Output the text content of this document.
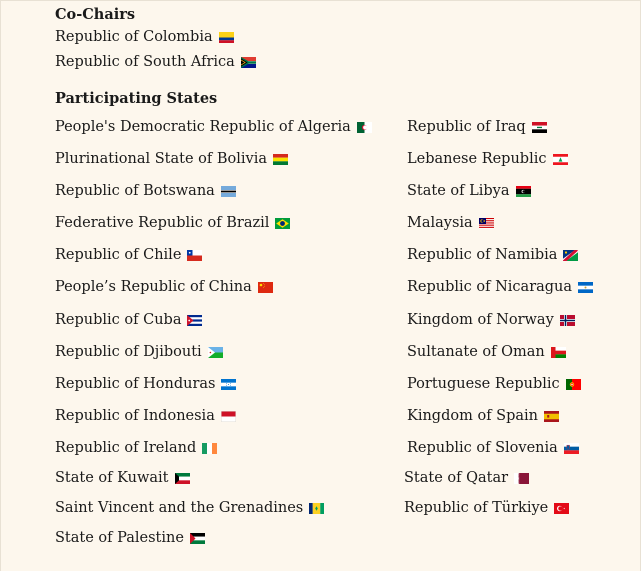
Co-Chairs
Republic of Colombia
Republic of South Africa
Participating States
People's Democratic Republic of Algeria
Plurinational State of Bolivia
Republic of Botswana
Federative Republic of Brazil
Republic of Chile
People’s Republic of China
Republic of Cuba
Republic of Djibouti
Republic of Honduras
Republic of Indonesia
Republic of Ireland
State of Kuwait
Saint Vincent and the Grenadines
State of Palestine
Republic of Iraq
Lebanese Republic
State of Libya
Malaysia
Republic of Namibia
Republic of Nicaragua
Kingdom of Norway
Sultanate of Oman
Portuguese Republic
Kingdom of Spain
Republic of Slovenia
State of Qatar
Republic of Türkiye
